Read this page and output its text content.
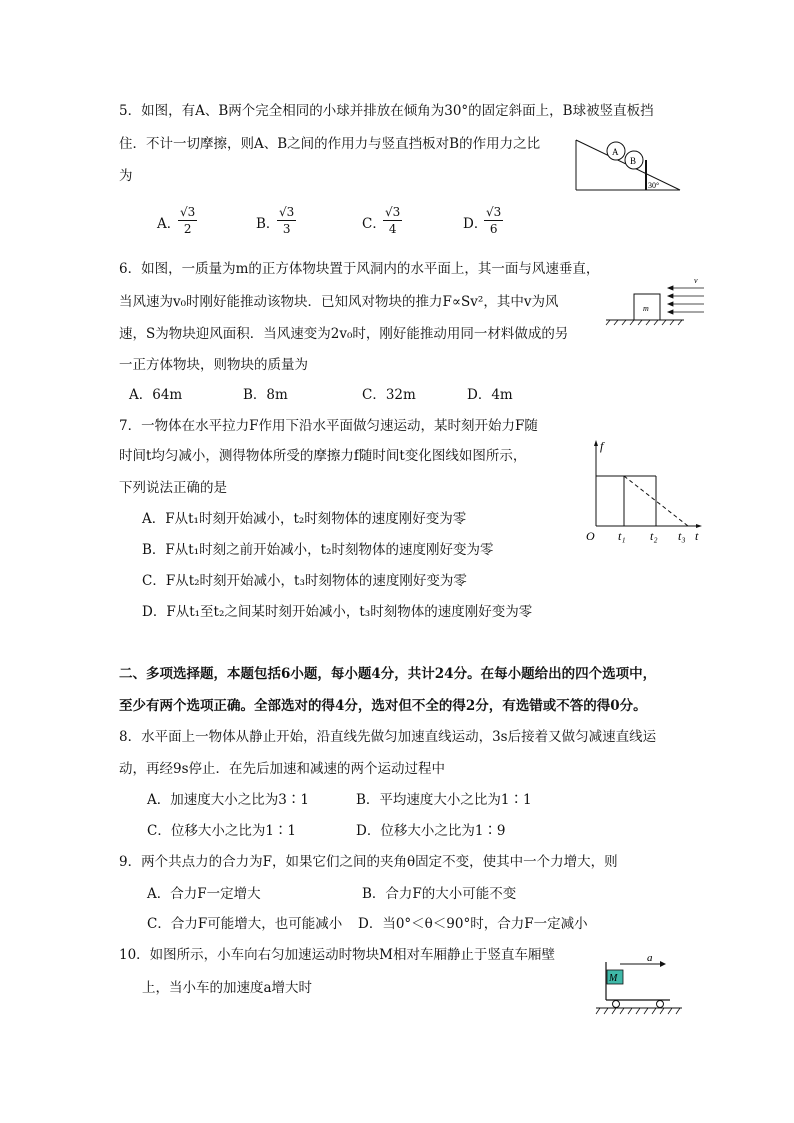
5．如图，有A、B两个完全相同的小球并排放在倾角为30°的固定斜面上，B球被竖直板挡
住．不计一切摩擦，则A、B之间的作用力与竖直挡板对B的作用力之比
为
A
B
30°
A．
$\frac{√3}{2}$	B．
$\frac{√3}{3}$	C．
$\frac{√3}{4}$	D．
$\frac{√3}{6}$
6．如图，一质量为m的正方体物块置于风洞内的水平面上，其一面与风速垂直，
当风速为v₀时刚好能推动该物块．已知风对物块的推力F∝Sv²，其中v为风
速，S为物块迎风面积．当风速变为2v₀时，刚好能推动用同一材料做成的另
一正方体物块，则物块的质量为
m
v
A．64m	B．8m	C．32m	D．4m
7．一物体在水平拉力F作用下沿水平面做匀速运动，某时刻开始力F随
时间t均匀减小，测得物体所受的摩擦力f随时间t变化图线如图所示，
下列说法正确的是
f
O t₁ t₂ t₃ t
A．F从t₁时刻开始减小，t₂时刻物体的速度刚好变为零
B．F从t₁时刻之前开始减小，t₂时刻物体的速度刚好变为零
C．F从t₂时刻开始减小，t₃时刻物体的速度刚好变为零
D．F从t₁至t₂之间某时刻开始减小，t₃时刻物体的速度刚好变为零
二、多项选择题，本题包括6小题，每小题4分，共计24分。在每小题给出的四个选项中，
至少有两个选项正确。全部选对的得4分，选对但不全的得2分，有选错或不答的得0分。
8．水平面上一物体从静止开始，沿直线先做匀加速直线运动，3s后接着又做匀减速直线运
动，再经9s停止．在先后加速和减速的两个运动过程中
A．加速度大小之比为3∶1	B．平均速度大小之比为1∶1
C．位移大小之比为1∶1	D．位移大小之比为1∶9
9．两个共点力的合力为F，如果它们之间的夹角θ固定不变，使其中一个力增大，则
A．合力F一定增大	B．合力F的大小可能不变
C．合力F可能增大，也可能减小 D．当0°＜θ＜90°时，合力F一定减小
10．如图所示，小车向右匀加速运动时物块M相对车厢静止于竖直车厢壁
上，当小车的加速度a增大时
a
M
